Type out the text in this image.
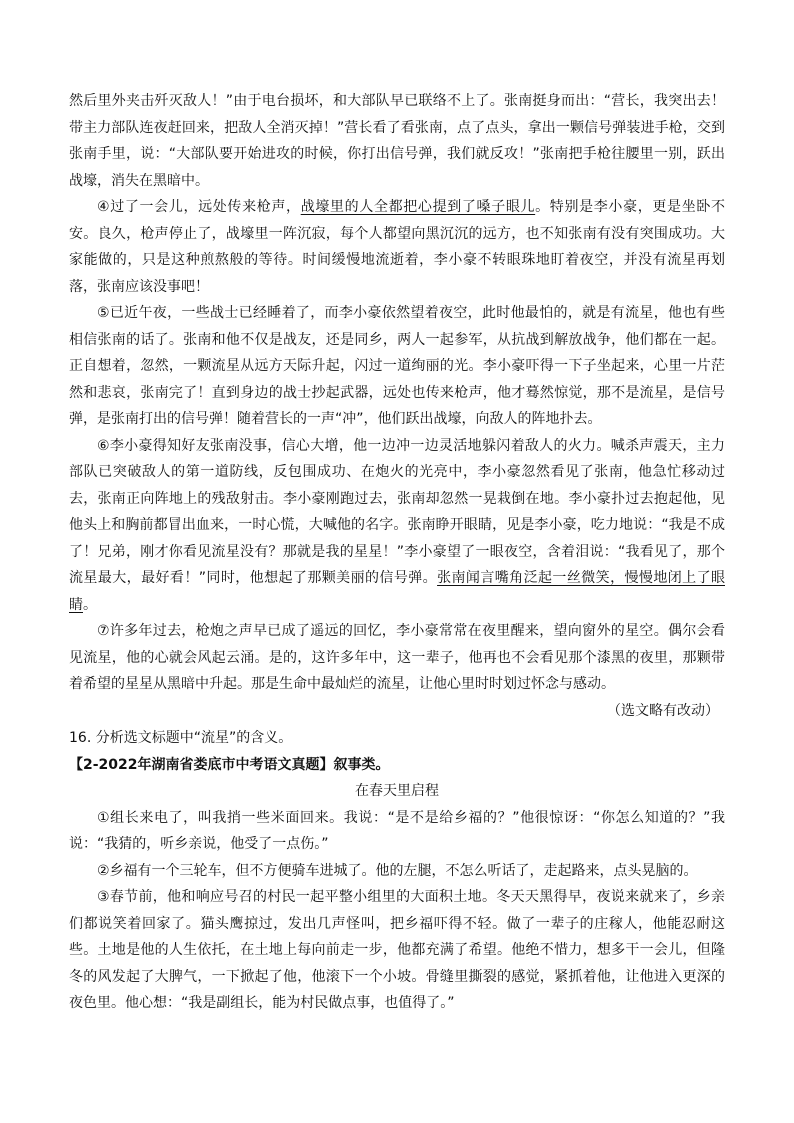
然后里外夹击歼灭敌人！”由于电台损坏，和大部队早已联络不上了。张南挺身而出：“营长，我突出去！带主力部队连夜赶回来，把敌人全消灭掉！”营长看了看张南，点了点头，拿出一颗信号弹装进手枪，交到张南手里，说：“大部队要开始进攻的时候，你打出信号弹，我们就反攻！”张南把手枪往腰里一别，跃出战壕，消失在黑暗中。

④过了一会儿，远处传来枪声，战壕里的人全都把心提到了嗓子眼儿。特别是李小豪，更是坐卧不安。良久，枪声停止了，战壕里一阵沉寂，每个人都望向黑沉沉的远方，也不知张南有没有突围成功。大家能做的，只是这种煎熬般的等待。时间缓慢地流逝着，李小豪不转眼珠地盯着夜空，并没有流星再划落，张南应该没事吧！

⑤已近午夜，一些战士已经睡着了，而李小豪依然望着夜空，此时他最怕的，就是有流星，他也有些相信张南的话了。张南和他不仅是战友，还是同乡，两人一起参军，从抗战到解放战争，他们都在一起。正自想着，忽然，一颗流星从远方天际升起，闪过一道绚丽的光。李小豪吓得一下子坐起来，心里一片茫然和悲哀，张南完了！直到身边的战士抄起武器，远处也传来枪声，他才蓦然惊觉，那不是流星，是信号弹，是张南打出的信号弹！随着营长的一声“冲”，他们跃出战壕，向敌人的阵地扑去。

⑥李小豪得知好友张南没事，信心大增，他一边冲一边灵活地躲闪着敌人的火力。喊杀声震天，主力部队已突破敌人的第一道防线，反包围成功、在炮火的光亮中，李小豪忽然看见了张南，他急忙移动过去，张南正向阵地上的残敌射击。李小豪刚跑过去，张南却忽然一晃栽倒在地。李小豪扑过去抱起他，见他头上和胸前都冒出血来，一时心慌，大喊他的名字。张南睁开眼睛，见是李小豪，吃力地说：“我是不成了！兄弟，刚才你看见流星没有？那就是我的星星！”李小豪望了一眼夜空，含着泪说：“我看见了，那个流星最大，最好看！”同时，他想起了那颗美丽的信号弹。张南闻言嘴角泛起一丝微笑，慢慢地闭上了眼睛。

⑦许多年过去，枪炮之声早已成了遥远的回忆，李小豪常常在夜里醒来，望向窗外的星空。偶尔会看见流星，他的心就会风起云涌。是的，这许多年中，这一辈子，他再也不会看见那个漆黑的夜里，那颗带着希望的星星从黑暗中升起。那是生命中最灿烂的流星，让他心里时时划过怀念与感动。

（选文略有改动）

16. 分析选文标题中“流星”的含义。

【2-2022年湖南省娄底市中考语文真题】叙事类。

在春天里启程

①组长来电了，叫我捎一些米面回来。我说：“是不是给乡福的？”他很惊讶：“你怎么知道的？”我说：“我猜的，听乡亲说，他受了一点伤。”

②乡福有一个三轮车，但不方便骑车进城了。他的左腿，不怎么听话了，走起路来，点头晃脑的。

③春节前，他和响应号召的村民一起平整小组里的大面积土地。冬天天黑得早，夜说来就来了，乡亲们都说笑着回家了。猫头鹰掠过，发出几声怪叫，把乡福吓得不轻。做了一辈子的庄稼人，他能忍耐这些。土地是他的人生依托，在土地上每向前走一步，他都充满了希望。他绝不惜力，想多干一会儿，但隆冬的风发起了大脾气，一下掀起了他，他滚下一个小坡。骨缝里撕裂的感觉，紧抓着他，让他进入更深的夜色里。他心想：“我是副组长，能为村民做点事，也值得了。”
